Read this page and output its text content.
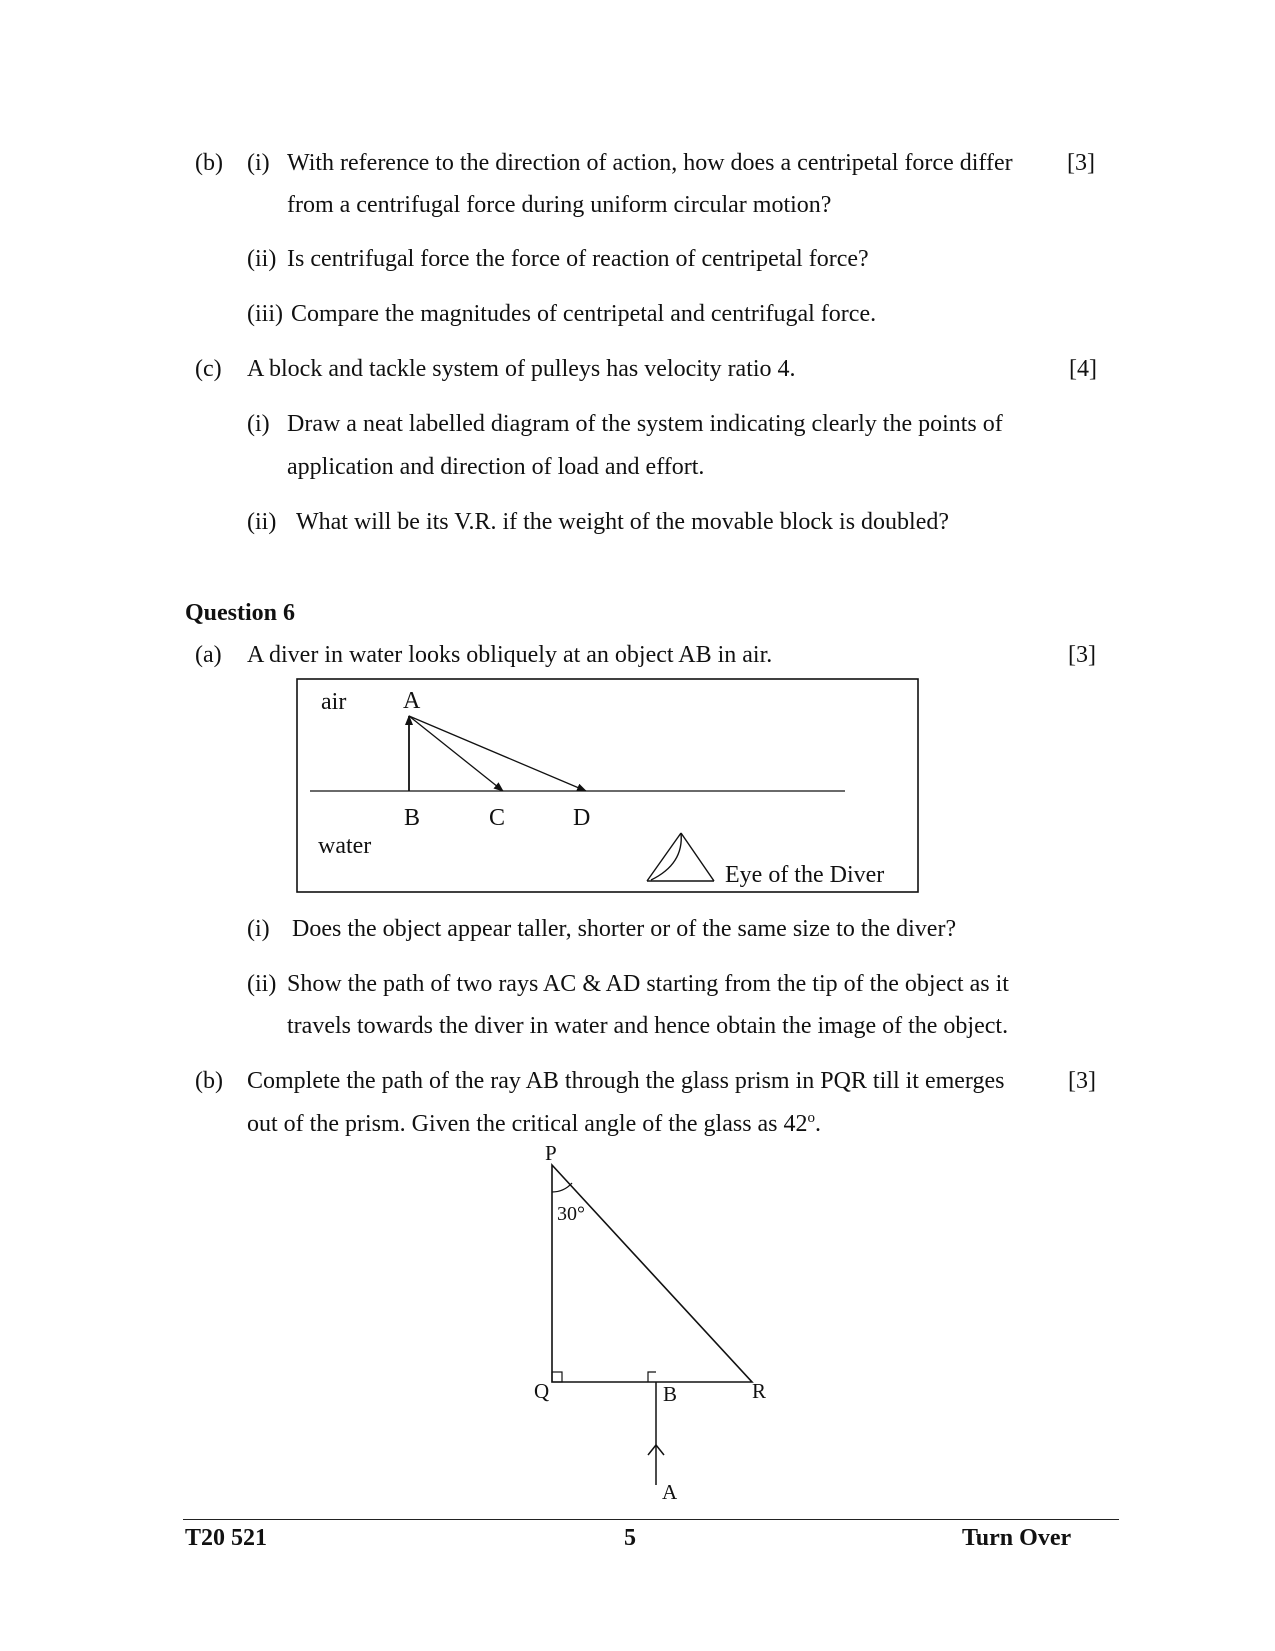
(b) (i) With reference to the direction of action, how does a centripetal force differ [3]
from a centrifugal force during uniform circular motion?
(ii) Is centrifugal force the force of reaction of centripetal force?
(iii) Compare the magnitudes of centripetal and centrifugal force.
(c) A block and tackle system of pulleys has velocity ratio 4.	[4]
(i) Draw a neat labelled diagram of the system indicating clearly the points of
application and direction of load and effort.
(ii) What will be its V.R. if the weight of the movable block is doubled?
Question 6
(a) A diver in water looks obliquely at an object AB in air.	[3]
air A
B	C	D
water
Eye of the Diver
(i) Does the object appear taller, shorter or of the same size to the diver?
(ii) Show the path of two rays AC & AD starting from the tip of the object as it
travels towards the diver in water and hence obtain the image of the object.
(b) Complete the path of the ray AB through the glass prism in PQR till it emerges	[3]
out of the prism. Given the critical angle of the glass as 42$^o$.
P
30°
Q	B	R
A
T20 521	5	Turn Over
